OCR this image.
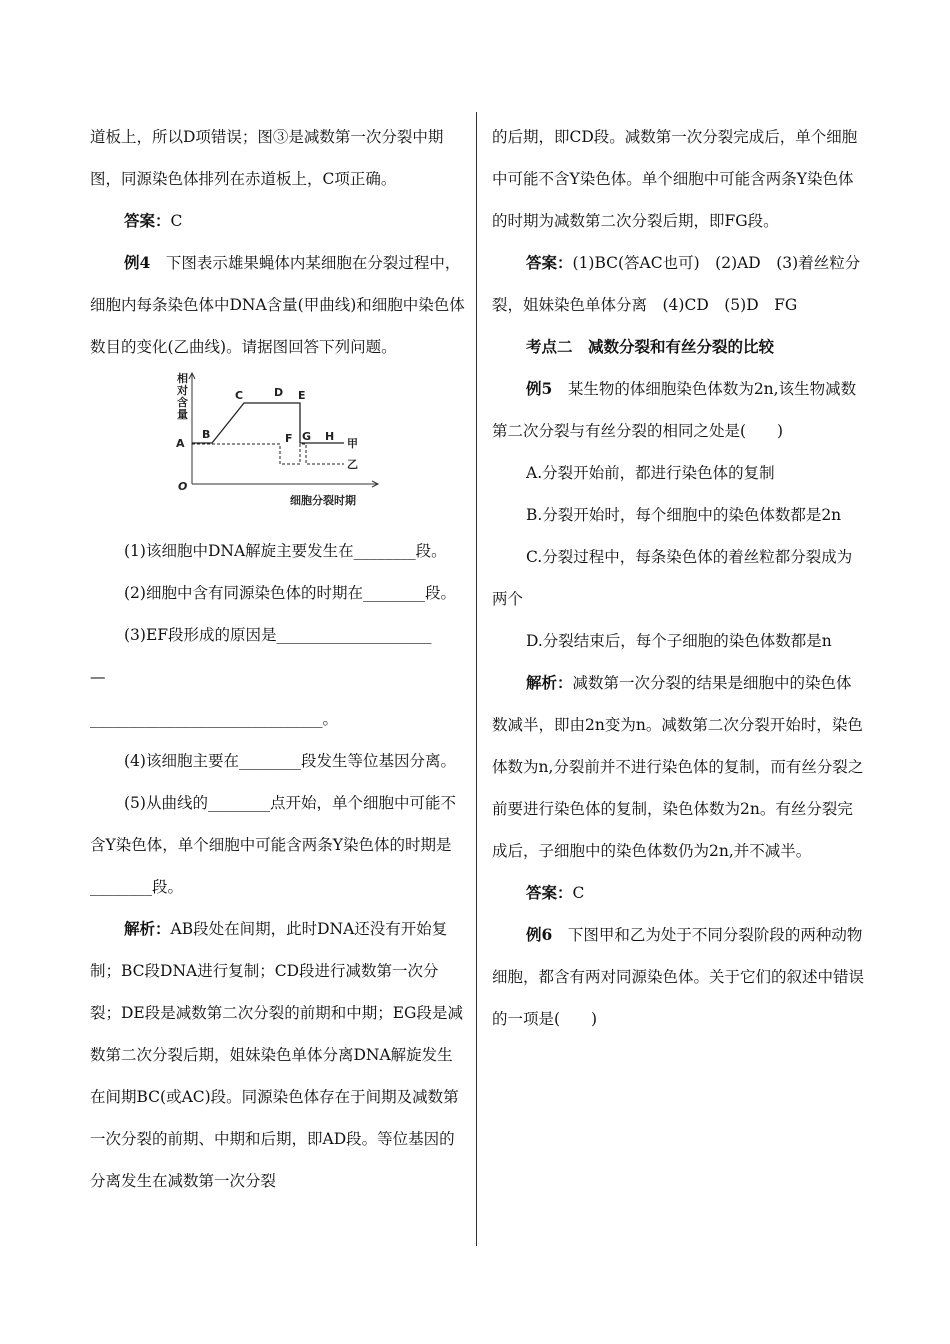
道板上，所以D项错误；图③是减数第一次分裂中期图，同源染色体排列在赤道板上，C项正确。

答案：C

例4　 下图表示雄果蝇体内某细胞在分裂过程中，细胞内每条染色体中DNA含量(甲曲线)和细胞中染色体数目的变化(乙曲线)。请据图回答下列问题。

相
对
含
量
A
B
C	D E
F G H
甲
乙
O
细胞分裂时期

(1)该细胞中DNA解旋主要发生在________段。

(2)细胞中含有同源染色体的时期在________段。

(3)EF段形成的原因是____________________

—

______________________________。

(4)该细胞主要在________段发生等位基因分离。

(5)从曲线的________点开始，单个细胞中可能不含Y染色体，单个细胞中可能含两条Y染色体的时期是________段。

解析：AB段处在间期，此时DNA还没有开始复制；BC段DNA进行复制；CD段进行减数第一次分裂；DE段是减数第二次分裂的前期和中期；EG段是减数第二次分裂后期，姐妹染色单体分离DNA解旋发生在间期BC(或AC)段。同源染色体存在于间期及减数第一次分裂的前期、中期和后期，即AD段。等位基因的分离发生在减数第一次分裂

的后期，即CD段。减数第一次分裂完成后，单个细胞中可能不含Y染色体。单个细胞中可能含两条Y染色体的时期为减数第二次分裂后期，即FG段。

答案：(1)BC(答AC也可)　(2)AD　(3)着丝粒分裂，姐妹染色单体分离　(4)CD　(5)D　FG

考点二　减数分裂和有丝分裂的比较

例5　 某生物的体细胞染色体数为2n,该生物减数第二次分裂与有丝分裂的相同之处是(　　)

A.分裂开始前，都进行染色体的复制

B.分裂开始时，每个细胞中的染色体数都是2n

C.分裂过程中，每条染色体的着丝粒都分裂成为

两个

D.分裂结束后，每个子细胞的染色体数都是n

解析：减数第一次分裂的结果是细胞中的染色体数减半，即由2n变为n。减数第二次分裂开始时，染色体数为n,分裂前并不进行染色体的复制，而有丝分裂之前要进行染色体的复制，染色体数为2n。有丝分裂完成后，子细胞中的染色体数仍为2n,并不减半。

答案：C

例6　 下图甲和乙为处于不同分裂阶段的两种动物细胞，都含有两对同源染色体。关于它们的叙述中错误的一项是(　　)
